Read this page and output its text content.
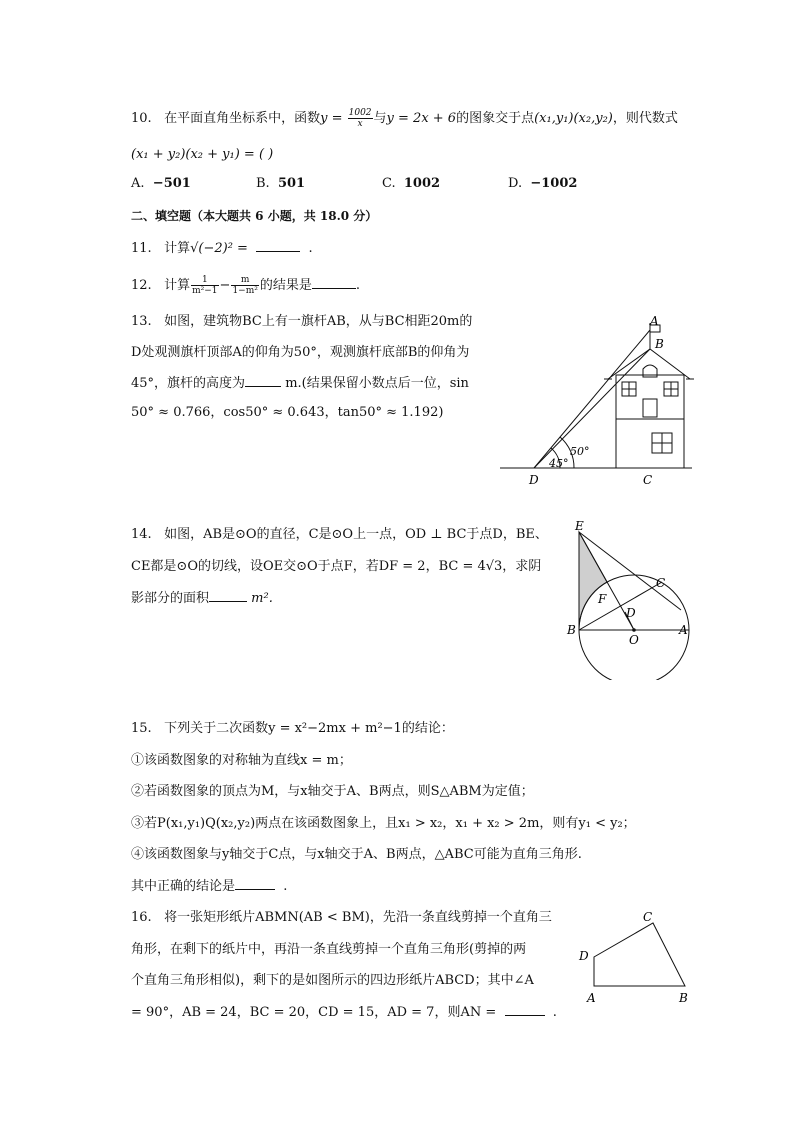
10. 在平面直角坐标系中，函数$y = \frac{1002}{x}$ 与y = 2x + 6的图象交于点(x₁,y₁)(x₂,y₂)，则代数式
(x₁ + y₂)(x₂ + y₁) = ( )
A. −501	B. 501	C. 1002	D. −1002
二、填空题（本大题共 6 小题，共 18.0 分）
11. 计算√(−2)² =	.
12. 计算 $\frac{1}{\text{m²−1}} - \frac{m}{\text{1−m²}}$ 的结果是	.
13. 如图，建筑物BC上有一旗杆AB，从与BC相距20m的
D处观测旗杆顶部A的仰角为50°，观测旗杆底部B的仰角为
45°，旗杆的高度为	m.(结果保留小数点后一位，sin
50° ≈ 0.766，cos50° ≈ 0.643，tan50° ≈ 1.192)
A
B
C
D
50°
45°
14. 如图，AB是⊙O的直径，C是⊙O上一点，OD ⊥ BC于点D，BE、
CE都是⊙O的切线，设OE交⊙O于点F，若DF = 2，BC = 4√3，求阴
影部分的面积	m².
E
C
F
D
B
O
A
15. 下列关于二次函数y = x²−2mx + m²−1的结论：
①该函数图象的对称轴为直线x = m；
②若函数图象的顶点为M，与x轴交于A、B两点，则S△ABM为定值；
③若P(x₁,y₁)Q(x₂,y₂)两点在该函数图象上，且x₁ > x₂，x₁ + x₂ > 2m，则有y₁ < y₂；
④该函数图象与y轴交于C点，与x轴交于A、B两点，△ABC可能为直角三角形.
其中正确的结论是	.
16. 将一张矩形纸片ABMN(AB < BM)，先沿一条直线剪掉一个直角三
角形，在剩下的纸片中，再沿一条直线剪掉一个直角三角形(剪掉的两
个直角三角形相似)，剩下的是如图所示的四边形纸片ABCD；其中∠A
= 90°，AB = 24，BC = 20，CD = 15，AD = 7，则AN =	.
A	B
C
D
